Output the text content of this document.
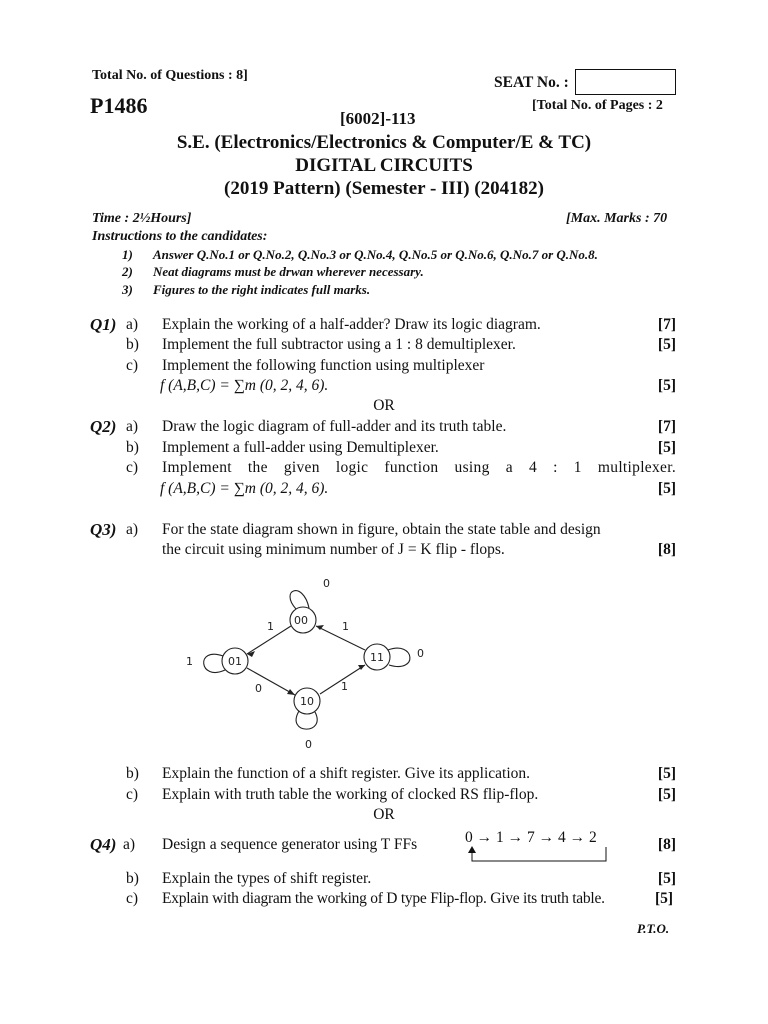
Total No. of Questions : 8]	SEAT No. :
P1486	[Total No. of Pages : 2
[6002]-113
S.E. (Electronics/Electronics & Computer/E & TC)
DIGITAL CIRCUITS
(2019 Pattern) (Semester - III) (204182)
Time : 2½Hours]	[Max. Marks : 70
Instructions to the candidates:
1) Answer Q.No.1 or Q.No.2, Q.No.3 or Q.No.4, Q.No.5 or Q.No.6, Q.No.7 or Q.No.8.
2) Neat diagrams must be drwan wherever necessary.
3) Figures to the right indicates full marks.
Q1) a) Explain the working of a half-adder? Draw its logic diagram.	[7]
b) Implement the full subtractor using a 1 : 8 demultiplexer.	[5]
c) Implement the following function using multiplexer
f (A,B,C) = ∑m (0, 2, 4, 6).	[5]
OR
Q2) a) Draw the logic diagram of full-adder and its truth table.	[7]
b) Implement a full-adder using Demultiplexer.	[5]
c) Implement the given logic function using a 4 : 1 multiplexer.
f (A,B,C) = ∑m (0, 2, 4, 6).	[5]
Q3) a) For the state diagram shown in figure, obtain the state table and design
the circuit using minimum number of J = K flip - flops.	[8]
00
01	11
10
0
1	1
1
0
0
1
0
b) Explain the function of a shift register. Give its application.	[5]
c) Explain with truth table the working of clocked RS flip-flop.	[5]
OR
Q4) a) Design a sequence generator using T FFs	0 → 1 → 7 → 4 → 2	[8]
b) Explain the types of shift register.	[5]
c) Explain with diagram the working of D type Flip-flop. Give its truth table.	[5]
P.T.O.
